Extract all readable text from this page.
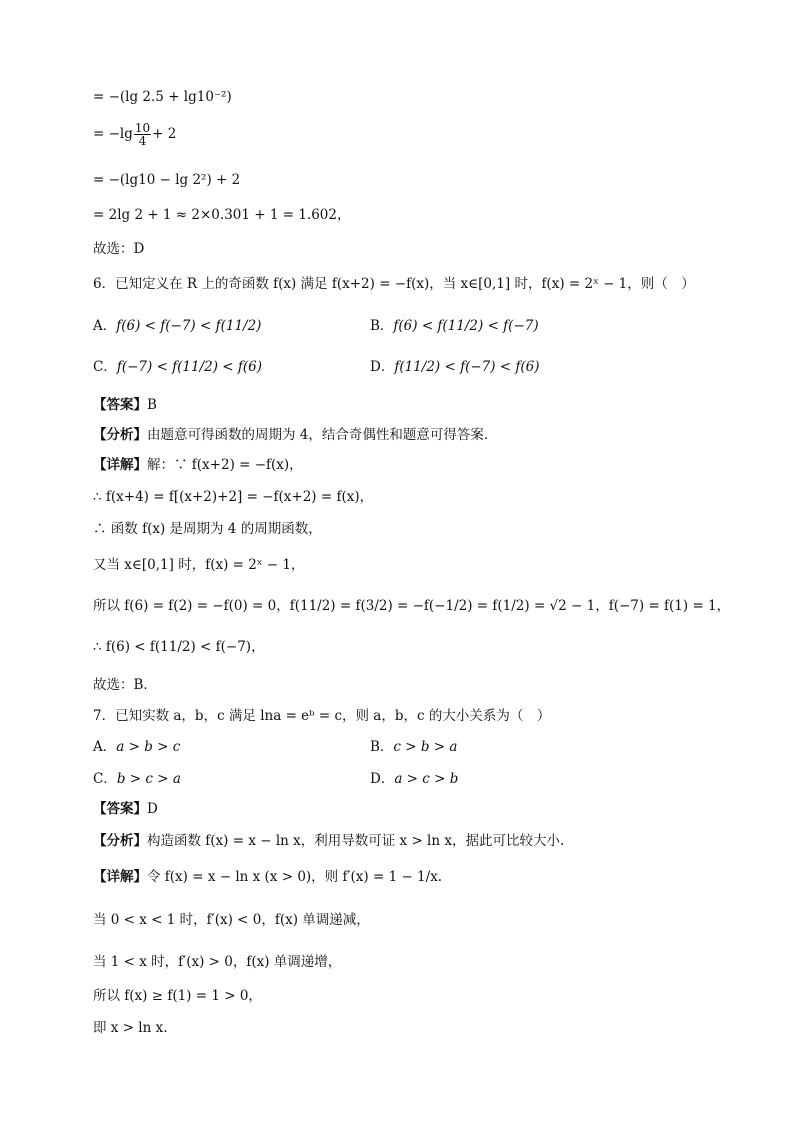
= −(lg 2.5 + lg10⁻²)
= $-\lg \frac{10}{4} + 2$
= −(lg10 − lg 2²) + 2
= 2lg 2 + 1 ≈ 2×0.301 + 1 = 1.602，
故选：D
6．已知定义在 R 上的奇函数 f(x) 满足 f(x+2) = −f(x)，当 x∈[0,1] 时，f(x) = 2ˣ − 1，则（　）
A．f(6) < f(−7) < f(11/2)	B．f(6) < f(11/2) < f(−7)
C．f(−7) < f(11/2) < f(6)	D．f(11/2) < f(−7) < f(6)
【答案】B
【分析】由题意可得函数的周期为 4，结合奇偶性和题意可得答案．
【详解】解：∵ f(x+2) = −f(x)，
∴ f(x+4) = f[(x+2)+2] = −f(x+2) = f(x)，
∴ 函数 f(x) 是周期为 4 的周期函数，
又当 x∈[0,1] 时，f(x) = 2ˣ − 1，
所以 f(6) = f(2) = −f(0) = 0，f(11/2) = f(3/2) = −f(−1/2) = f(1/2) = √2 − 1，f(−7) = f(1) = 1，
∴ f(6) < f(11/2) < f(−7)，
故选：B．
7．已知实数 a，b，c 满足 lna = eᵇ = c，则 a，b，c 的大小关系为（　）
A．a > b > c	B．c > b > a
C．b > c > a	D．a > c > b
【答案】D
【分析】构造函数 f(x) = x − ln x，利用导数可证 x > ln x，据此可比较大小.
【详解】令 f(x) = x − ln x (x > 0)，则 f′(x) = 1 − 1/x.
当 0 < x < 1 时，f′(x) < 0，f(x) 单调递减，
当 1 < x 时，f′(x) > 0，f(x) 单调递增，
所以 f(x) ≥ f(1) = 1 > 0，
即 x > ln x.
